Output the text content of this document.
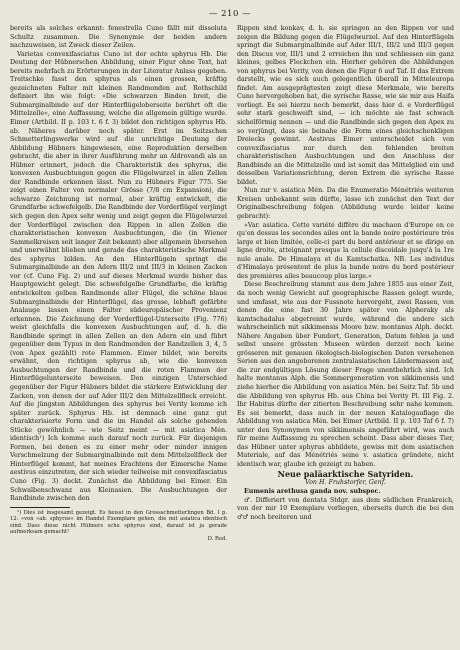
— 210 —

bereits als solches erkannt: fenestrella Cuno fällt mit dissoluta Schultz zusammen. Die Synonymie der beiden andern nachzuweisen, ist Zweck dieser Zeilen.

Varietas convexifasciatus Cuno ist der echte sphyrus Hb. Die Deutung der Hübnerschen Abbildung, einer Figur ohne Text, hat bereits mehrfach zu Erörterungen in der Literatur Anlass gegeben. Treitschke fasst den sphyrus als einen grossen, kräftig gezeichneten Falter mit kleinen Randmonden auf. Rothschild definiert ihn wie folgt: »Die schwarzen Binden breit, die Submarginalbinde auf der Hinterflügeloberseite berührt oft die Mittelzelle«, eine Auffassung, welche die allgemein gültige wurde. Eimer (Artbild. II p. 103 t. 6 f. 3) bildet den richtigen sphyrus Hb. ab. Näheres darüber noch später. Erst im Seitzschen Schmetterlingswerke wird auf die unrichtige Deutung der Abbildung Hübners hingewiesen, eine Reproduktion derselben gebracht, die aber in ihrer Ausführung mehr an Aldrovandi als an Hübner erinnert, jedoch die Charakteristik des sphyrus, die konvexen Ausbuchtungen gegen die Flügelwurzel in allen Zellen der Randbinde erkennen lässt. Nun zu Hübners Figur 775. Sie zeigt einen Falter von normaler Grösse (7/8 cm Expansion), die schwarze Zeichnung ist normal, aber kräftig entwickelt, die Grundfarbe schwefelgelb. Die Randbinde der Vorderflügel verjüngt sich gegen den Apex sehr wenig und zeigt gegen die Flügelwurzel der Vorderflügel zwischen den Rippen in allen Zellen die charakteristischen konvexen Ausbuchtungen, die (in Wiener Sammelkreisen seit langer Zeit bekannt) aber allgemein übersehen und unerwähnt blieben und gerade das charakteristische Merkmal des sphyrus bilden. An den Hinterflügeln springt die Submarginalbinde an den Adern III/2 und III/3 in kleinen Zacken vor (cf. Cuno Fig. 2) und auf dieses Merkmal wurde bisher das Hauptgewicht gelegt. Die schwefelgelbe Grundfarbe, die kräftig entwickelten gelben Randmonde aller Flügel, die schöne blaue Submarginalbinde der Hinterflügel, das grosse, lebhaft gefärbte Analauge lassen einen Falter südeuropäischer Provenienz erkennen. Die Zeichnung der Vorderflügel-Unterseite (Fig. 776) weist gleichfalls die konvexen Ausbuchtungen auf, d. h. die Randbinde springt in allen Zellen an den Adern ein und führt gegenüber dem Typus in den Randmonden der Randzellen 3, 4, 5 (von Apex gezählt) rote Flammen. Eimer bildet, wie bereits erwähnt, den richtigen sphyrus ab, wie die konvexen Ausbuchtungen der Randbinde und die roten Flammen der Hinterflügelunterseite beweisen. Den einzigen Unterschied gegenüber der Figur Hübners bildet die stärkere Entwicklung der Zacken, von denen der auf Ader III/2 den Mittelzellfleck erreicht. Auf die jüngsten Abbildungen des sphyrus bei Verity komme ich später zurück. Sphyrus Hb. ist demnach eine ganz gut charakterisierte Form und die im Handel als solche gehenden Stücke gewöhnlich — wie Seitz meint — mit asiatica Mén. identisch¹) Ich komme auch darauf noch zurück. Für diejenigen Formen, bei denen es zu einer mehr oder minder innigen Verschmelzung der Submarginalbinde mit dem Mittelzellfleck der Hinterflügel kommt, hat meines Erachtens der Eimersche Name aestivus einzutreten, der sich wieder teilweise mit convexifasciatus Cuno (Fig. 3) deckt. Zunächst die Abbildung bei Eimer. Ein Schwalbenschwanz aus Kleinasien. Die Ausbuchtungen der Randbinde zwischen den

¹) Dies ist insgesamt gezeigt. Es heisst in den Grossschmetterlingen Bd. I p. 12: »von »ab. sphyrus« im Handel Exemplare gehen, die mit asiatica identisch sind. Dass diese nicht Hübners sche sphyrus sind, darauf ist ja gerade aufmerksam gemacht!
D. Red.

Rippen sind konkav, d. h. sie springen an den Rippen vor und zeigen die Bildung gegen die Flügelwurzel. Auf den Hinterflügeln springt die Submarginalbinde auf Ader III/1, III/2 und III/3 gegen den Discus vor, III/1 und 2 erreichen ihn und schliessen ein ganz kleines, gelbes Fleckchen ein. Hierher gehören die Abbildungen von sphyrus bei Verity, von denen die Figur 6 auf Taf. II das Extrem darstellt, wie es sich auch gelegentlich überall in Mitteleuropa findet. Am ausgeprägtesten zeigt diese Merkmale, wie bereits Cuno hervorgehoben hat, die syrische Rasse, wie sie mir aus Haifa vorliegt. Es sei hierzu noch bemerkt, dass hier d. e Vorderflügel sehr stark geschweift sind, — ich möchte sie fast schwach sichelförmig nennen — und die Randbinde sich gegen den Apex zu so verjüngt, dass sie beinahe die Form eines gleichschenkligen Dreiecks gewinnt. Aestivus Eimer unterscheidet sich von convexifasciatus nur durch den fehlenden breiten charakteristischen Ausbuchtungen und den Anschluss der Randbinde an die Mittelzelle und ist somit das Mittelglied ein und desselben Variationsrichtung, deren Extrem die syrische Rasse bildet.

Nun zur v. asiatica Mén. Da die Enumeratio Ménétriés weiteren Kreisen unbekannt sein dürfte, lasse ich zunächst den Text der Originalbeschreibung folgen (Abbildung wurde leider keine gebracht):

»Var. asiatica. Cette variété diffère du machaon d'Europe en ce qu'en dessus les secondes ailes ont la bande noire postérieure très large et bien limitée, celle-ci part du bord antérieur et se dirige en ligne droite, atteignant presque la cellule discoidale jusqu'à la 1re nule anale. De Himalaya et du Kamtschatka. NB. Les individus d'Himalaya présentent de plus la bande noire du bord postérieur des premières ailes beaucoup plus large.«

Diese Beschreibung stammt aus dem Jahre 1855 aus einer Zeit, da noch wenig Gewicht auf geographische Rassen gelegt wurde, und umfasst, wie aus der Fussnote hervorgeht, zwei Rassen, von denen die eine fast 30 Jahre später von Alpheraky als kamtschadalus abgetrennt wurde, während die andere sich wahrscheinlich mit sikkimensis Moore bzw. montanus Alph. deckt. Nähere Angaben über Fundort, Generation, Datum fehlen ja und selbst unsere grössten Museen würden derzeit noch keine grösseren mit genauen ökologisch-biologischen Daten versehenen Serien aus den angeborenen zentralasiatischen Ländermassen auf, die zur endgültigen Lösung dieser Frage unentbehrlich sind. Ich halte montanus Alph. die Sommergeneration von sikkimensis und ziehe hierher die Abbildung von asiatica Mén. bei Seitz Taf. 5b und die Abbildung von sphyrus Hb. aus China bei Verity Pl. III Fig. 2. Ihr Habitus dürfte der zitierten Beschreibung sehr nahe kommen. Es sei bemerkt, dass auch in der neuen Katalogauflage die Abbildung von asiatica Mén. bei Eimer (Artbild. II p. 103 Taf 6 f. 7) unter den Synonymen von sikkimensis angeführt wird, was auch für meine Auffassung zu sprechen scheint. Dass aber dieses Tier, das Hübner unter sphyrus abbildete, gewiss mit dem asiatischen Materiale, auf das Ménétriés seine v. asiatica gründete, nicht identisch war, glaube ich gezeigt zu haben.

Neue paläarktische Satyriden.

Von H. Fruhstorfer, Genf.

Eumenis arethusa ganda nov. subspec.

♂. Differiert von dentata Stdgr. aus dem südlichen Frankreich, von der mir 10 Exemplare vorliegen, oberseits durch die bei den ♂♂ noch breiteren und
